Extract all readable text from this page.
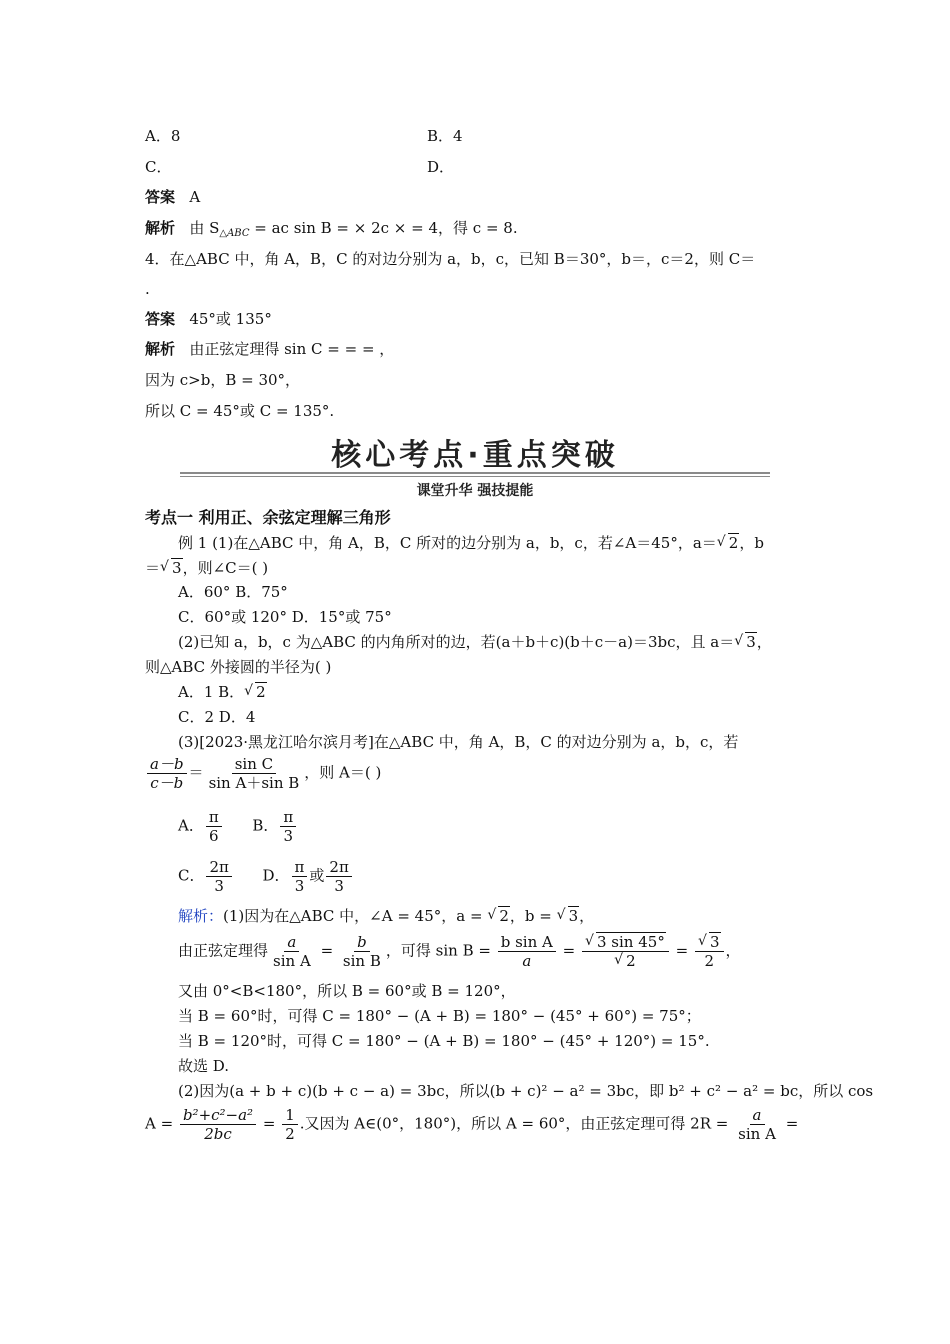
A．8	B．4
C．	D．
答案 A
解析 由 $S_{\triangle ABC}$ = ac sin B = × 2c × = 4，得 c = 8.
4．在△ABC 中，角 A，B，C 的对边分别为 a，b，c，已知 B＝30°，b＝，c＝2，则 C＝
.
答案 45°或 135°
解析 由正弦定理得 sin C = = = ，
因为 c>b，B = 30°，
所以 C = 45°或 C = 135°.
核心考点·重点突破
课堂升华 强技提能
考点一 利用正、余弦定理解三角形
例 1 (1)在△ABC 中，角 A，B，C 所对的边分别为 a，b，c，若∠A＝45°，a＝ √ 2，b
＝ √ 3，则∠C＝( )
A．60° B．75°
C．60°或 120° D．15°或 75°
(2)已知 a，b，c 为△ABC 的内角所对的边，若(a＋b＋c)(b＋c－a)＝3bc，且 a＝ √ 3，
则△ABC 外接圆的半径为( )
A．1 B． √ 2
C．2 D．4
(3)[2023·黑龙江哈尔滨月考]在△ABC 中，角 A，B，C 的对边分别为 a，b，c，若
$\frac{a-b}{c-b} = \frac{\text{sin C}}{\text{sin A＋sin B}}$ ，则 A＝( )
A． $\frac{\pi}{6}$ B． $\frac{\pi}{3}$
C． $\frac{2\pi}{3}$ D． $\frac{\pi}{3}$ 或 $\frac{2\pi}{3}$
解析：(1)因为在△ABC 中，∠A = 45°，a = √ 2，b = √ 3，
由正弦定理得 $\frac{a}{\text{sin A}} = \frac{b}{\text{sin B}}$ ，可得 $\sin B = \frac{\text{b sin A}}{a} = \frac{√ 3 \sin 45^\circ}{√ 2} = \frac{√ 3}{2}$ ，
又由 0°<B<180°，所以 B = 60°或 B = 120°，
当 B = 60°时，可得 C = 180° − (A + B) = 180° − (45° + 60°) = 75°；
当 B = 120°时，可得 C = 180° − (A + B) = 180° − (45° + 120°) = 15°.
故选 D.
(2)因为(a + b + c)(b + c − a) = 3bc，所以(b + c)² − a² = 3bc，即 b² + c² − a² = bc，所以 cos
$A = \frac{\text{b²+c²−a²}}{2bc} = \frac{1}{2}$ .又因为 A∈(0°，180°)，所以 A = 60°，由正弦定理可得 $2R = \frac{a}{\text{sin A}}$ =
